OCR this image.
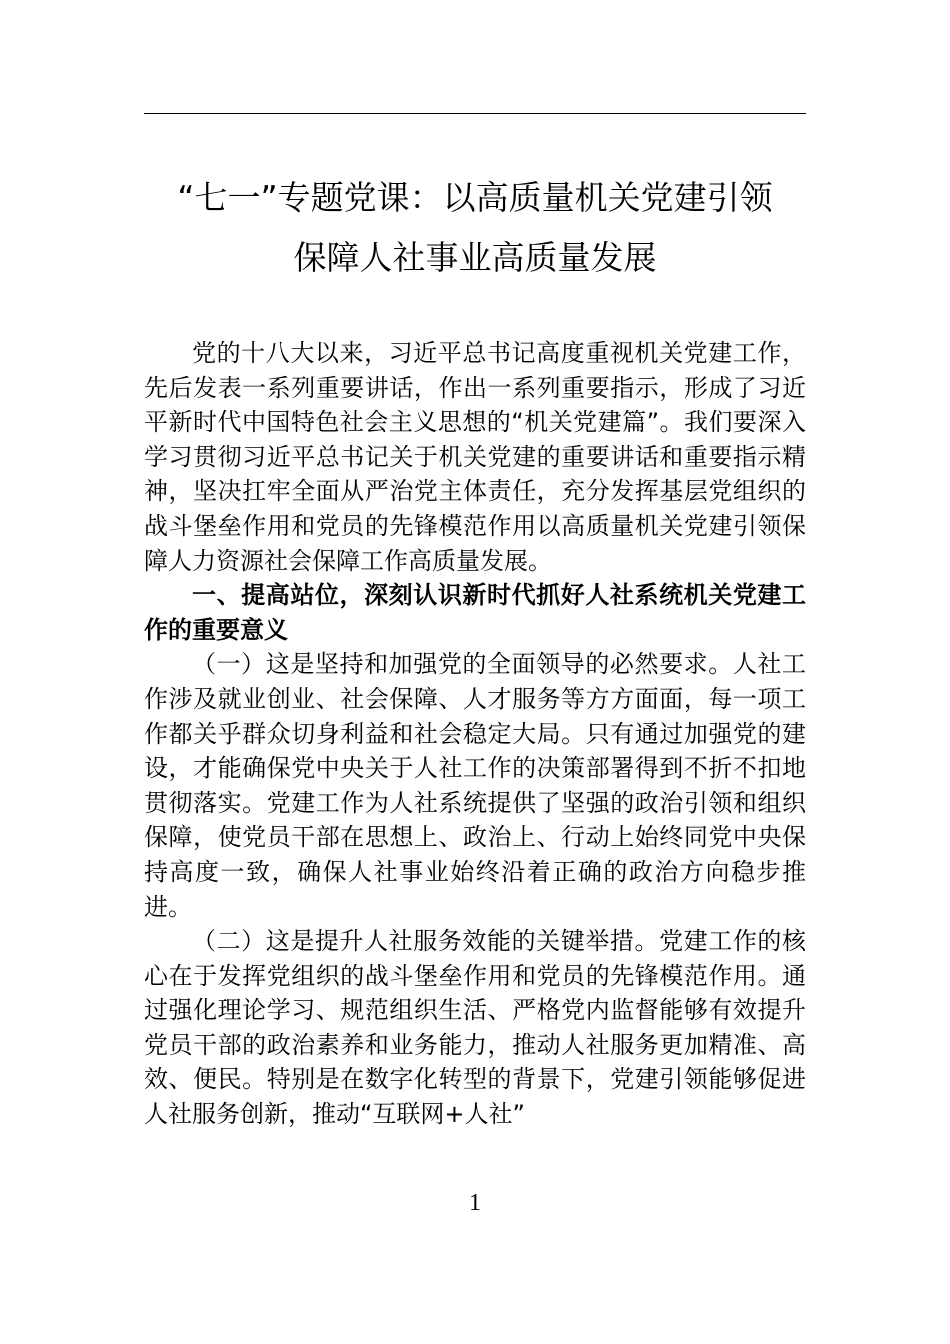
“七一”专题党课：以高质量机关党建引领
保障人社事业高质量发展

党的十八大以来，习近平总书记高度重视机关党建工作，先后发表一系列重要讲话，作出一系列重要指示，形成了习近平新时代中国特色社会主义思想的“机关党建篇”。我们要深入学习贯彻习近平总书记关于机关党建的重要讲话和重要指示精神，坚决扛牢全面从严治党主体责任，充分发挥基层党组织的战斗堡垒作用和党员的先锋模范作用以高质量机关党建引领保障人力资源社会保障工作高质量发展。

一、提高站位，深刻认识新时代抓好人社系统机关党建工作的重要意义

（一）这是坚持和加强党的全面领导的必然要求。人社工作涉及就业创业、社会保障、人才服务等方方面面，每一项工作都关乎群众切身利益和社会稳定大局。只有通过加强党的建设，才能确保党中央关于人社工作的决策部署得到不折不扣地贯彻落实。党建工作为人社系统提供了坚强的政治引领和组织保障，使党员干部在思想上、政治上、行动上始终同党中央保持高度一致，确保人社事业始终沿着正确的政治方向稳步推进。

（二）这是提升人社服务效能的关键举措。党建工作的核心在于发挥党组织的战斗堡垒作用和党员的先锋模范作用。通过强化理论学习、规范组织生活、严格党内监督能够有效提升党员干部的政治素养和业务能力，推动人社服务更加精准、高效、便民。特别是在数字化转型的背景下，党建引领能够促进人社服务创新，推动“互联网+人社”

1
